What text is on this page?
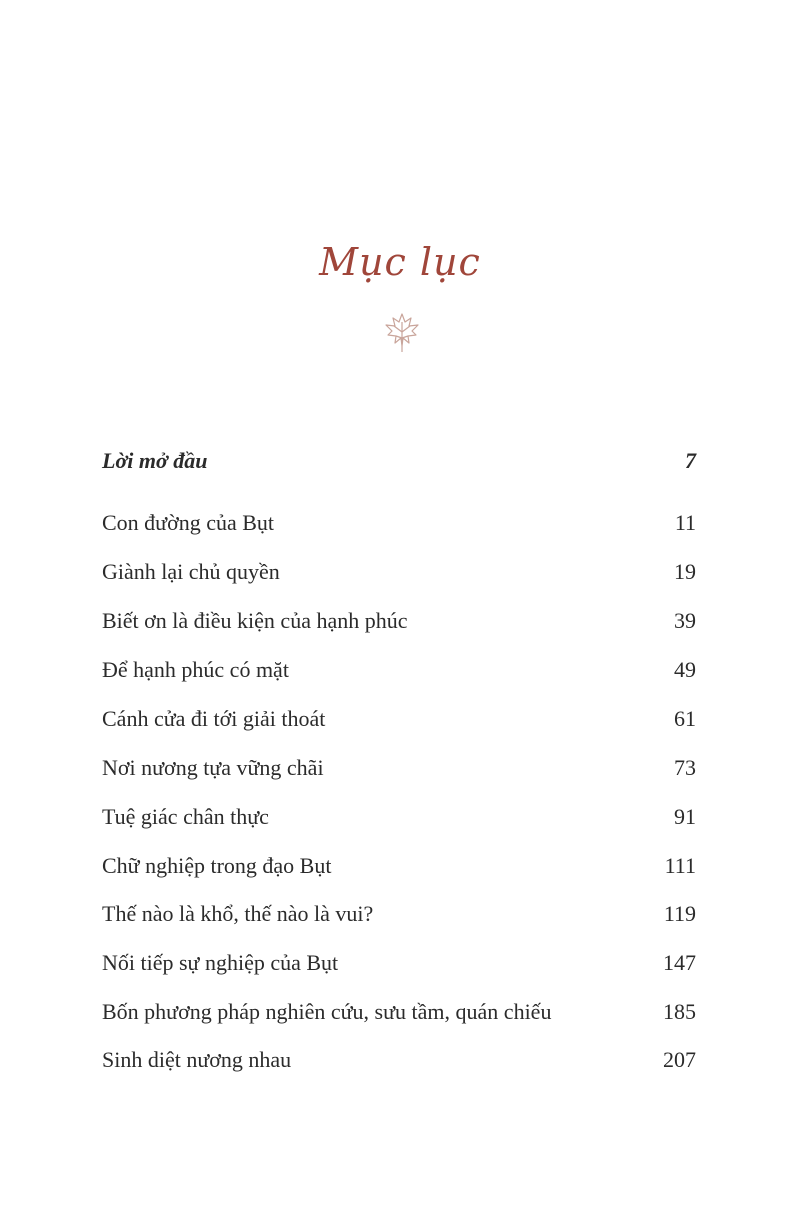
Mục lục
Lời mở đầu	7
Con đường của Bụt	11
Giành lại chủ quyền	19
Biết ơn là điều kiện của hạnh phúc	39
Để hạnh phúc có mặt	49
Cánh cửa đi tới giải thoát	61
Nơi nương tựa vững chãi	73
Tuệ giác chân thực	91
Chữ nghiệp trong đạo Bụt	111
Thế nào là khổ, thế nào là vui?	119
Nối tiếp sự nghiệp của Bụt	147
Bốn phương pháp nghiên cứu, sưu tầm, quán chiếu	185
Sinh diệt nương nhau	207
